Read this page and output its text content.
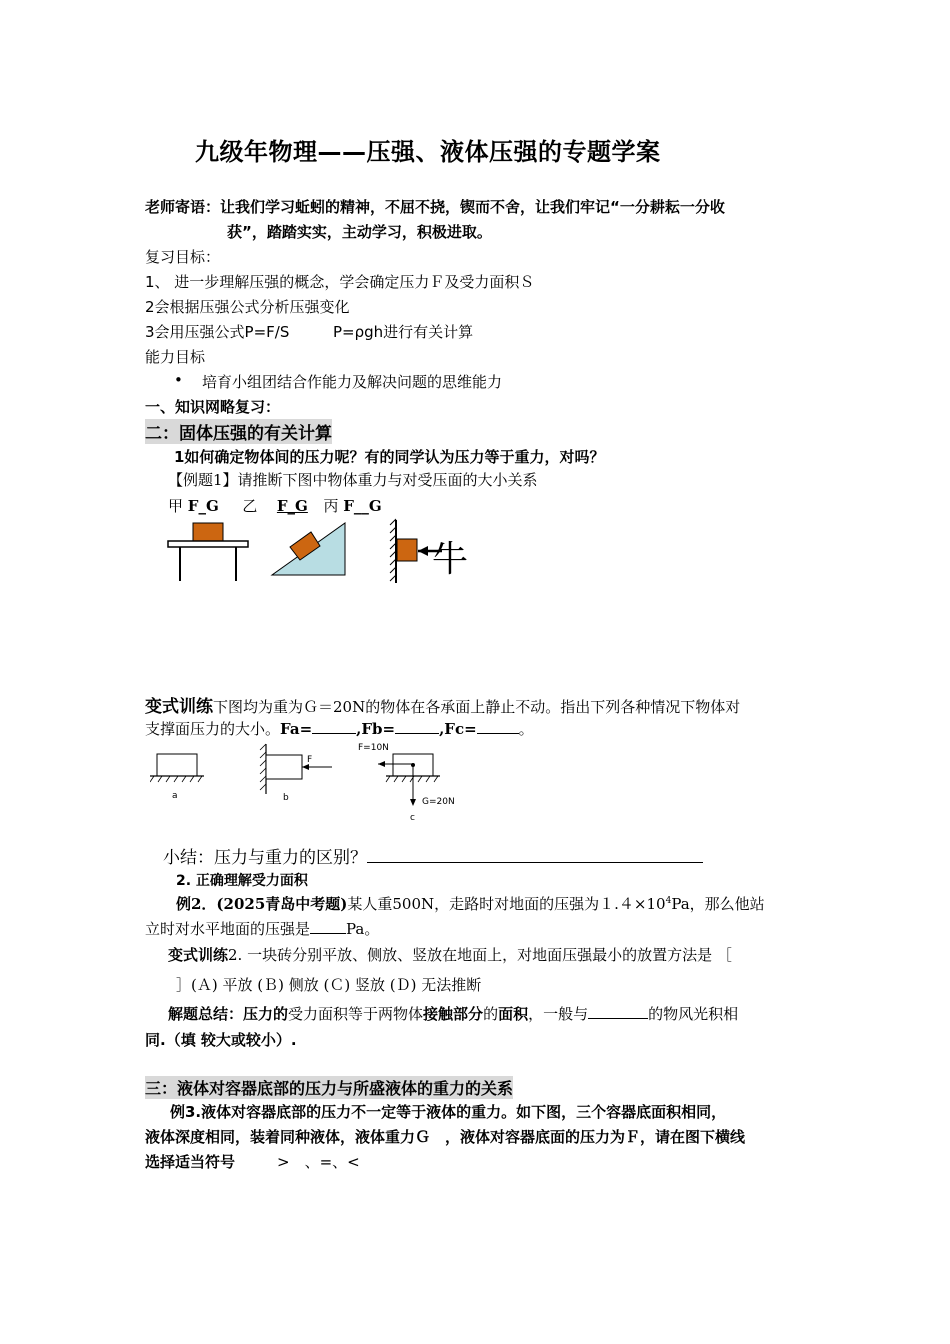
九级年物理——压强、液体压强的专题学案
老师寄语：让我们学习蚯蚓的精神，不屈不挠，锲而不舍，让我们牢记“一分耕耘一分收
获”，踏踏实实，主动学习，积极进取。
复习目标：
1、 进一步理解压强的概念，学会确定压力Ｆ及受力面积Ｓ
2会根据压强公式分析压强变化
3会用压强公式P=F/S	P=ρgh进行有关计算
能力目标
• 培育小组团结合作能力及解决问题的思维能力
一、知识网略复习：
二：固体压强的有关计算
1如何确定物体间的压力呢？有的同学认为压力等于重力，对吗？
【例题1】请推断下图中物体重力与对受压面的大小关系
甲 F_G 乙 F_G 丙 F__G
牛
变式训练下图均为重为Ｇ＝20N的物体在各承面上静止不动。指出下列各种情况下物体对
支撑面压力的大小。Fa=	,Fb=	,Fc=	。
a
F
b
F=10N
G=20N
c
小结：压力与重力的区别？
2. 正确理解受力面积
例2．(2025青岛中考题)某人重500N，走路时对地面的压强为$1.4\times 10^4Pa$，那么他站
立时对水平地面的压强是 Pa。
变式训练2. 一块砖分别平放、侧放、竖放在地面上，对地面压强最小的放置方法是 ［
］(Ａ) 平放 (Ｂ) 侧放 (Ｃ) 竖放 (Ｄ) 无法推断
解题总结：压力的受力面积等于两物体接触部分的面积，一般与	的物风光积相
同.（填 较大或较小）.
三：液体对容器底部的压力与所盛液体的重力的关系
例3.液体对容器底部的压力不一定等于液体的重力。如下图，三个容器底面积相同，
液体深度相同，装着同种液体，液体重力Ｇ　，液体对容器底面的压力为Ｆ，请在图下横线
选择适当符号	>　、=、<
